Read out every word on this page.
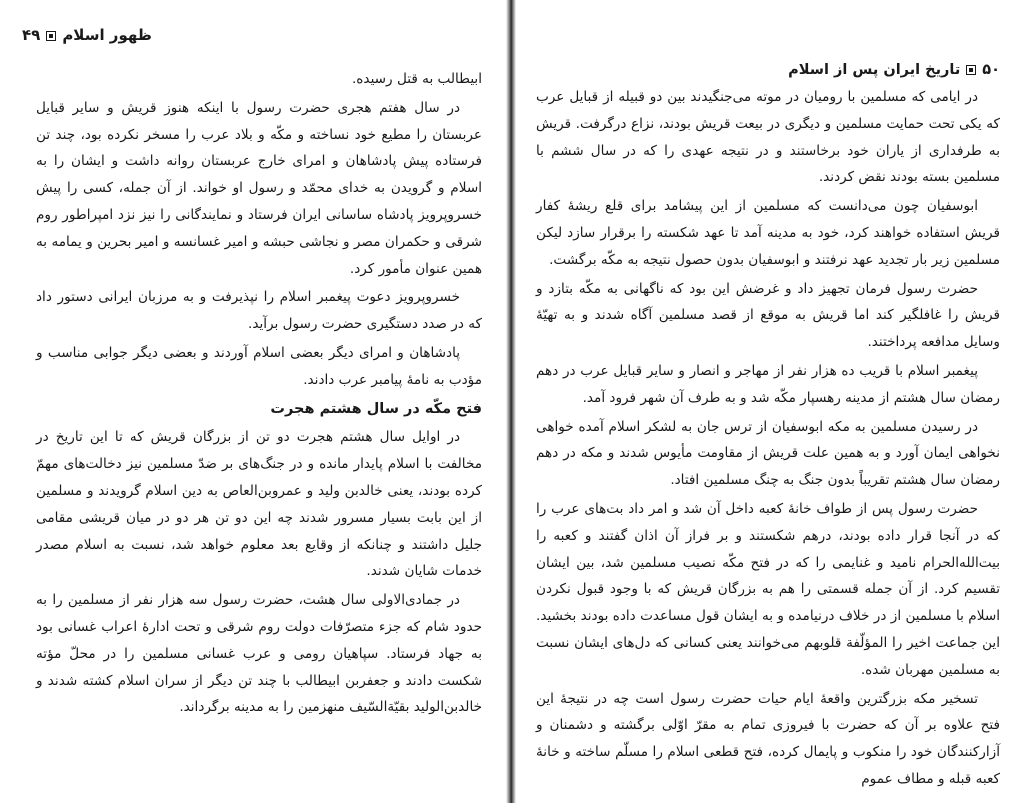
ظهور اسلام۴۹

ابیطالب به قتل رسیده.

در سال هفتم هجری حضرت رسول با اینکه هنوز قریش و سایر قبایل عربستان را مطیع خود نساخته و مکّه و بلاد عرب را مسخر نکرده بود، چند تن فرستاده پیش پادشاهان و امرای خارج عربستان روانه داشت و ایشان را به اسلام و گرویدن به خدای محمّد و رسول او خواند. از آن جمله، کسی را پیش خسروپرویز پادشاه ساسانی ایران فرستاد و نمایندگانی را نیز نزد امپراطور روم شرقی و حکمران مصر و نجاشی حبشه و امیر غسانسه و امیر بحرین و یمامه به همین عنوان مأمور کرد.

خسروپرویز دعوت پیغمبر اسلام را نپذیرفت و به مرزبان ایرانی دستور داد که در صدد دستگیری حضرت رسول برآید.

پادشاهان و امرای دیگر بعضی اسلام آوردند و بعضی دیگر جوابی مناسب و مؤدب به نامهٔ پیامبر عرب دادند.

فتح مکّه در سال هشتم هجرت

در اوایل سال هشتم هجرت دو تن از بزرگان قریش که تا این تاریخ در مخالفت با اسلام پایدار مانده و در جنگ‌های بر ضدّ مسلمین نیز دخالت‌های مهمّ کرده بودند، یعنی خالدبن ولید و عمروبن‌العاص به دین اسلام گرویدند و مسلمین از این بابت بسیار مسرور شدند چه این دو تن هر دو در میان قریشی مقامی جلیل داشتند و چنانکه از وقایع بعد معلوم خواهد شد، نسبت به اسلام مصدر خدمات شایان شدند.

در جمادی‌الاولی سال هشت، حضرت رسول سه هزار نفر از مسلمین را به حدود شام که جزء متصرّفات دولت روم شرقی و تحت ادارهٔ اعراب غسانی بود به جهاد فرستاد. سپاهیان رومی و عرب غسانی مسلمین را در محلّ مؤته شکست دادند و جعفربن ابیطالب با چند تن دیگر از سران اسلام کشته شدند و خالدبن‌الولید بقیّةالسّیف منهزمین را به مدینه برگرداند.

۵۰تاریخ ایران پس از اسلام

در ایامی که مسلمین با رومیان در موته می‌جنگیدند بین دو قبیله از قبایل عرب که یکی تحت حمایت مسلمین و دیگری در بیعت قریش بودند، نزاع درگرفت. قریش به طرفداری از یاران خود برخاستند و در نتیجه عهدی را که در سال ششم با مسلمین بسته بودند نقض کردند.

ابوسفیان چون می‌دانست که مسلمین از این پیشامد برای قلع ریشهٔ کفار قریش استفاده خواهند کرد، خود به مدینه آمد تا عهد شکسته را برقرار سازد لیکن مسلمین زیر بار تجدید عهد نرفتند و ابوسفیان بدون حصول نتیجه به مکّه برگشت.

حضرت رسول فرمان تجهیز داد و غرضش این بود که ناگهانی به مکّه بتازد و قریش را غافلگیر کند اما قریش به موقع از قصد مسلمین آگاه شدند و به تهیّهٔ وسایل مدافعه پرداختند.

پیغمبر اسلام با قریب ده هزار نفر از مهاجر و انصار و سایر قبایل عرب در دهم رمضان سال هشتم از مدینه رهسپار مکّه شد و به طرف آن شهر فرود آمد.

در رسیدن مسلمین به مکه ابوسفیان از ترس جان به لشکر اسلام آمده خواهی نخواهی ایمان آورد و به همین علت قریش از مقاومت مأیوس شدند و مکه در دهم رمضان سال هشتم تقریباً بدون جنگ به چنگ مسلمین افتاد.

حضرت رسول پس از طواف خانهٔ کعبه داخل آن شد و امر داد بت‌های عرب را که در آنجا قرار داده بودند، درهم شکستند و بر فراز آن اذان گفتند و کعبه را بیت‌الله‌الحرام نامید و غنایمی را که در فتح مکّه نصیب مسلمین شد، بین ایشان تقسیم کرد. از آن جمله قسمتی را هم به بزرگان قریش که با وجود قبول نکردن اسلام با مسلمین از در خلاف درنیامده و به ایشان قول مساعدت داده بودند بخشید. این جماعت اخیر را المؤلّفة قلوبهم می‌خوانند یعنی کسانی که دل‌های ایشان نسبت به مسلمین مهربان شده.

تسخیر مکه بزرگترین واقعهٔ ایام حیات حضرت رسول است چه در نتیجهٔ این فتح علاوه بر آن که حضرت با فیروزی تمام به مقرّ اوّلی برگشته و دشمنان و آزارکنندگان خود را منکوب و پایمال کرده، فتح قطعی اسلام را مسلّم ساخته و خانهٔ کعبه قبله و مطاف عموم
